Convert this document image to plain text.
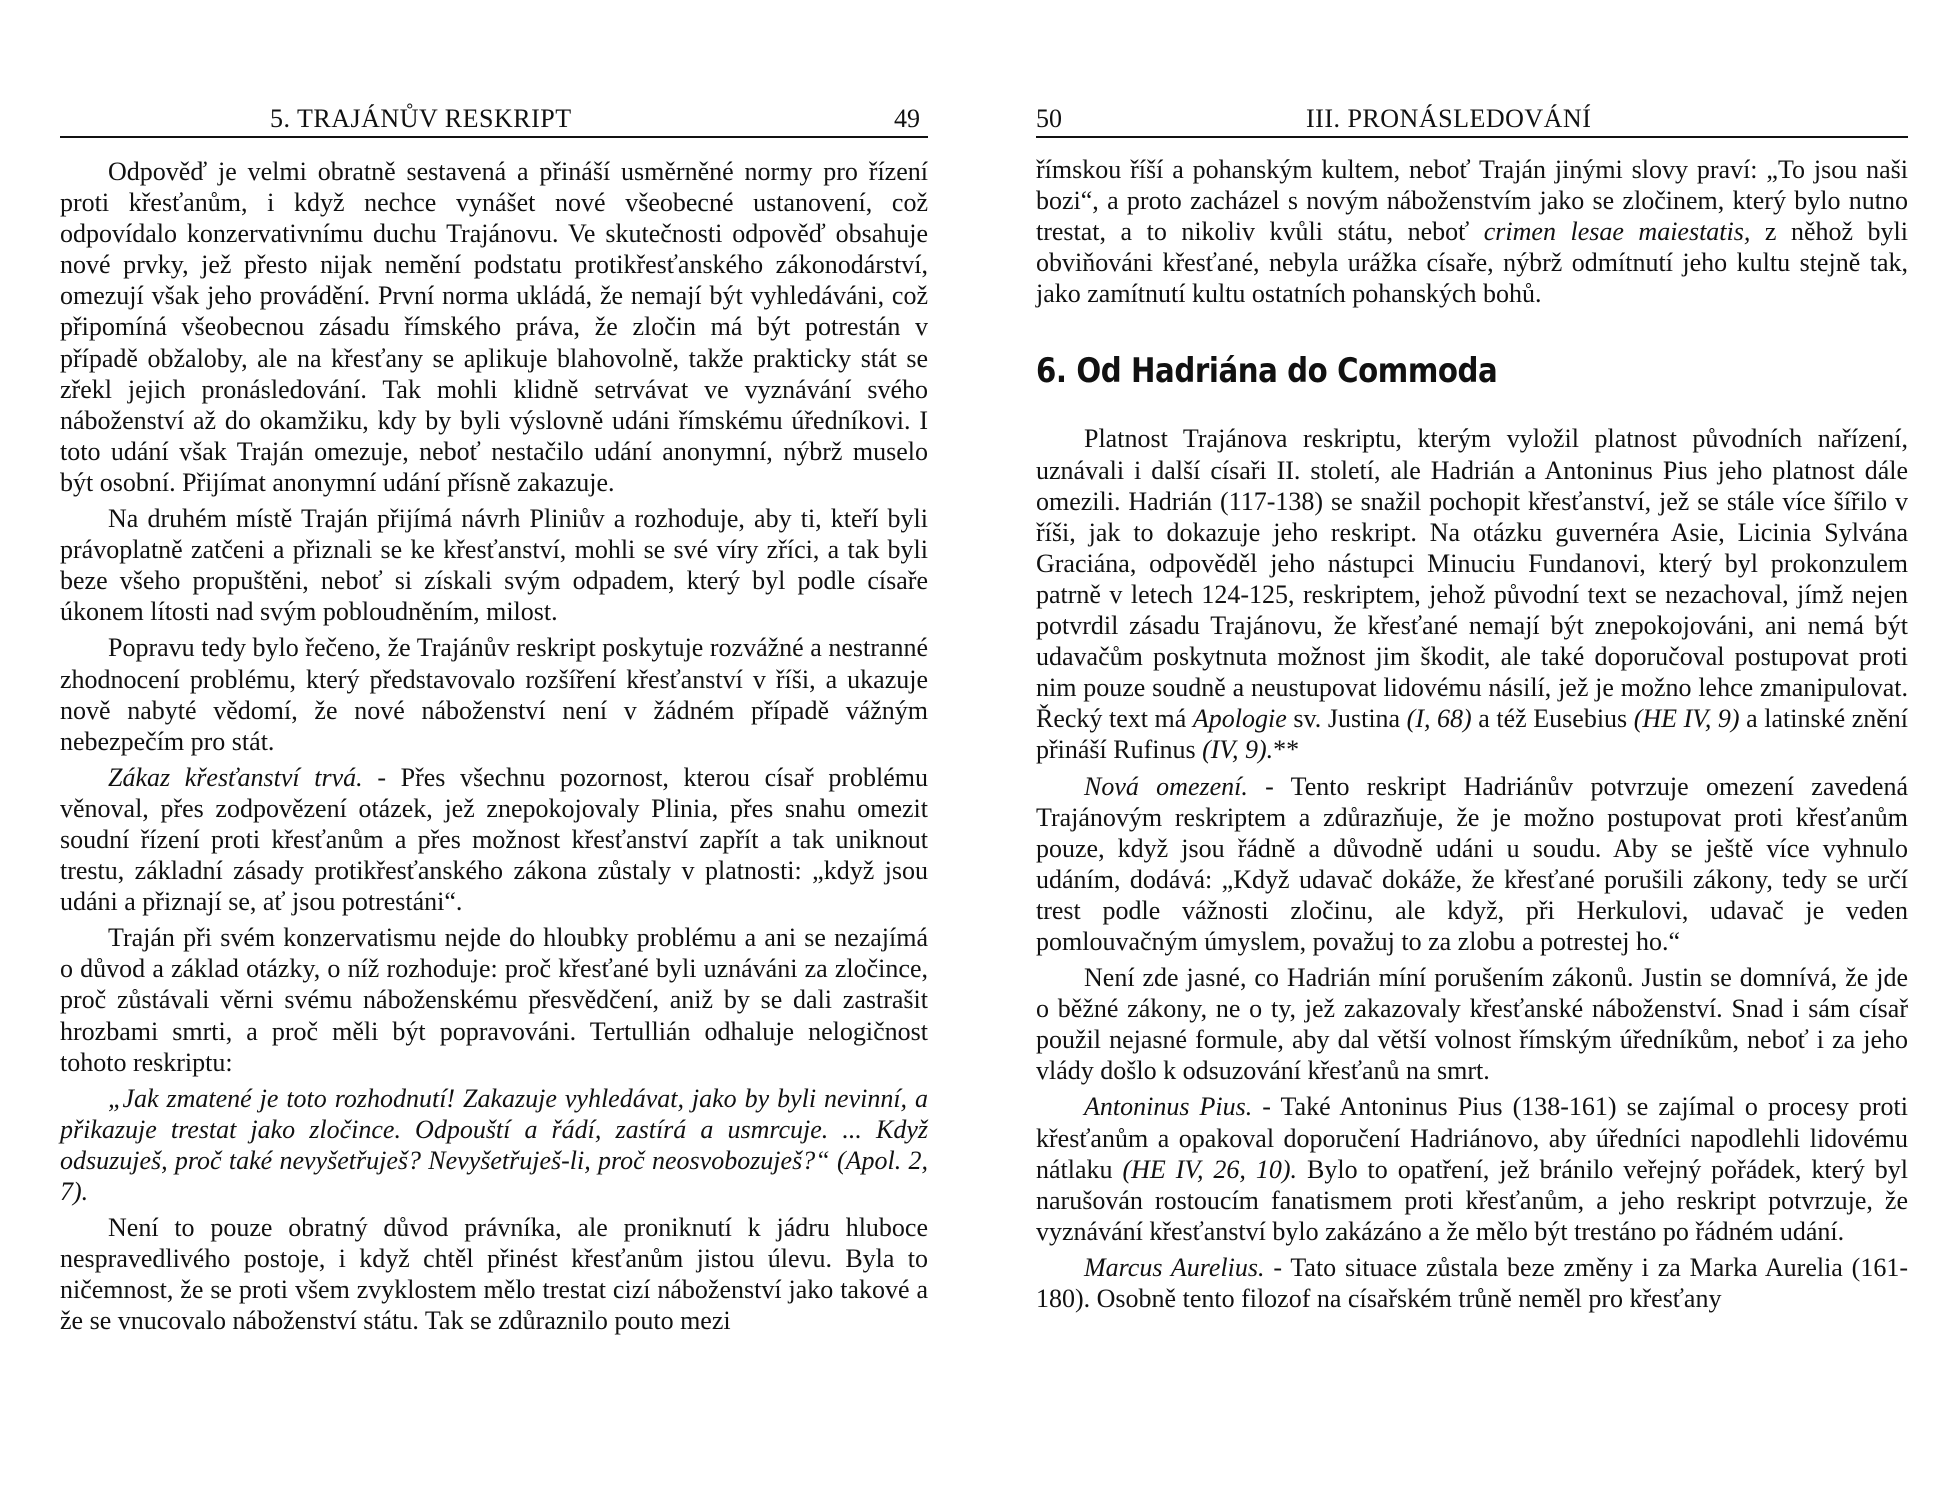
5. TRAJÁNŮV RESKRIPT	49

Odpověď je velmi obratně sestavená a přináší usměrněné normy pro řízení proti křesťanům, i když nechce vynášet nové všeobecné ustanovení, což odpovídalo konzervativnímu duchu Trajánovu. Ve skutečnosti odpověď obsahuje nové prvky, jež přesto nijak nemění podstatu protikřesťanského zákonodárství, omezují však jeho provádění. První norma ukládá, že nemají být vyhledáváni, což připomíná všeobecnou zásadu římského práva, že zločin má být potrestán v případě obžaloby, ale na křesťany se aplikuje blahovolně, takže prakticky stát se zřekl jejich pronásledování. Tak mohli klidně setrvávat ve vyznávání svého náboženství až do okamžiku, kdy by byli výslovně udáni římskému úředníkovi. I toto udání však Traján omezuje, neboť nestačilo udání anonymní, nýbrž muselo být osobní. Přijímat anonymní udání přísně zakazuje.

Na druhém místě Traján přijímá návrh Pliniův a rozhoduje, aby ti, kteří byli právoplatně zatčeni a přiznali se ke křesťanství, mohli se své víry zříci, a tak byli beze všeho propuštěni, neboť si získali svým odpadem, který byl podle císaře úkonem lítosti nad svým pobloudněním, milost.

Popravu tedy bylo řečeno, že Trajánův reskript poskytuje rozvážné a nestranné zhodnocení problému, který představovalo rozšíření křesťanství v říši, a ukazuje nově nabyté vědomí, že nové náboženství není v žádném případě vážným nebezpečím pro stát.

Zákaz křesťanství trvá. - Přes všechnu pozornost, kterou císař problému věnoval, přes zodpovězení otázek, jež znepokojovaly Plinia, přes snahu omezit soudní řízení proti křesťanům a přes možnost křesťanství zapřít a tak uniknout trestu, základní zásady protikřesťanského zákona zůstaly v platnosti: „když jsou udáni a přiznají se, ať jsou potrestáni“.

Traján při svém konzervatismu nejde do hloubky problému a ani se nezajímá o důvod a základ otázky, o níž rozhoduje: proč křesťané byli uznáváni za zločince, proč zůstávali věrni svému náboženskému přesvědčení, aniž by se dali zastrašit hrozbami smrti, a proč měli být popravováni. Tertullián odhaluje nelogičnost tohoto reskriptu:

„Jak zmatené je toto rozhodnutí! Zakazuje vyhledávat, jako by byli nevinní, a přikazuje trestat jako zločince. Odpouští a řádí, zastírá a usmrcuje. ... Když odsuzuješ, proč také nevyšetřuješ? Nevyšetřuješ-li, proč neosvobozuješ?“ (Apol. 2, 7).

Není to pouze obratný důvod právníka, ale proniknutí k jádru hluboce nespravedlivého postoje, i když chtěl přinést křesťanům jistou úlevu. Byla to ničemnost, že se proti všem zvyklostem mělo trestat cizí náboženství jako takové a že se vnucovalo náboženství státu. Tak se zdůraznilo pouto mezi

50	III. PRONÁSLEDOVÁNÍ

římskou říší a pohanským kultem, neboť Traján jinými slovy praví: „To jsou naši bozi“, a proto zacházel s novým náboženstvím jako se zločinem, který bylo nutno trestat, a to nikoliv kvůli státu, neboť crimen lesae maiestatis, z něhož byli obviňováni křesťané, nebyla urážka císaře, nýbrž odmítnutí jeho kultu stejně tak, jako zamítnutí kultu ostatních pohanských bohů.

6. Od Hadriána do Commoda

Platnost Trajánova reskriptu, kterým vyložil platnost původních nařízení, uznávali i další císaři II. století, ale Hadrián a Antoninus Pius jeho platnost dále omezili. Hadrián (117-138) se snažil pochopit křesťanství, jež se stále více šířilo v říši, jak to dokazuje jeho reskript. Na otázku guvernéra Asie, Licinia Sylvána Graciána, odpověděl jeho nástupci Minuciu Fundanovi, který byl prokonzulem patrně v letech 124-125, reskriptem, jehož původní text se nezachoval, jímž nejen potvrdil zásadu Trajánovu, že křesťané nemají být znepokojováni, ani nemá být udavačům poskytnuta možnost jim škodit, ale také doporučoval postupovat proti nim pouze soudně a neustupovat lidovému násilí, jež je možno lehce zmanipulovat. Řecký text má Apologie sv. Justina (I, 68) a též Eusebius (HE IV, 9) a latinské znění přináší Rufinus (IV, 9).**

Nová omezení. - Tento reskript Hadriánův potvrzuje omezení zavedená Trajánovým reskriptem a zdůrazňuje, že je možno postupovat proti křesťanům pouze, když jsou řádně a důvodně udáni u soudu. Aby se ještě více vyhnulo udáním, dodává: „Když udavač dokáže, že křesťané porušili zákony, tedy se určí trest podle vážnosti zločinu, ale když, při Herkulovi, udavač je veden pomlouvačným úmyslem, považuj to za zlobu a potrestej ho.“

Není zde jasné, co Hadrián míní porušením zákonů. Justin se domnívá, že jde o běžné zákony, ne o ty, jež zakazovaly křesťanské náboženství. Snad i sám císař použil nejasné formule, aby dal větší volnost římským úředníkům, neboť i za jeho vlády došlo k odsuzování křesťanů na smrt.

Antoninus Pius. - Také Antoninus Pius (138-161) se zajímal o procesy proti křesťanům a opakoval doporučení Hadriánovo, aby úředníci napodlehli lidovému nátlaku (HE IV, 26, 10). Bylo to opatření, jež bránilo veřejný pořádek, který byl narušován rostoucím fanatismem proti křesťanům, a jeho reskript potvrzuje, že vyznávání křesťanství bylo zakázáno a že mělo být trestáno po řádném udání.

Marcus Aurelius. - Tato situace zůstala beze změny i za Marka Aurelia (161-180). Osobně tento filozof na císařském trůně neměl pro křesťany
